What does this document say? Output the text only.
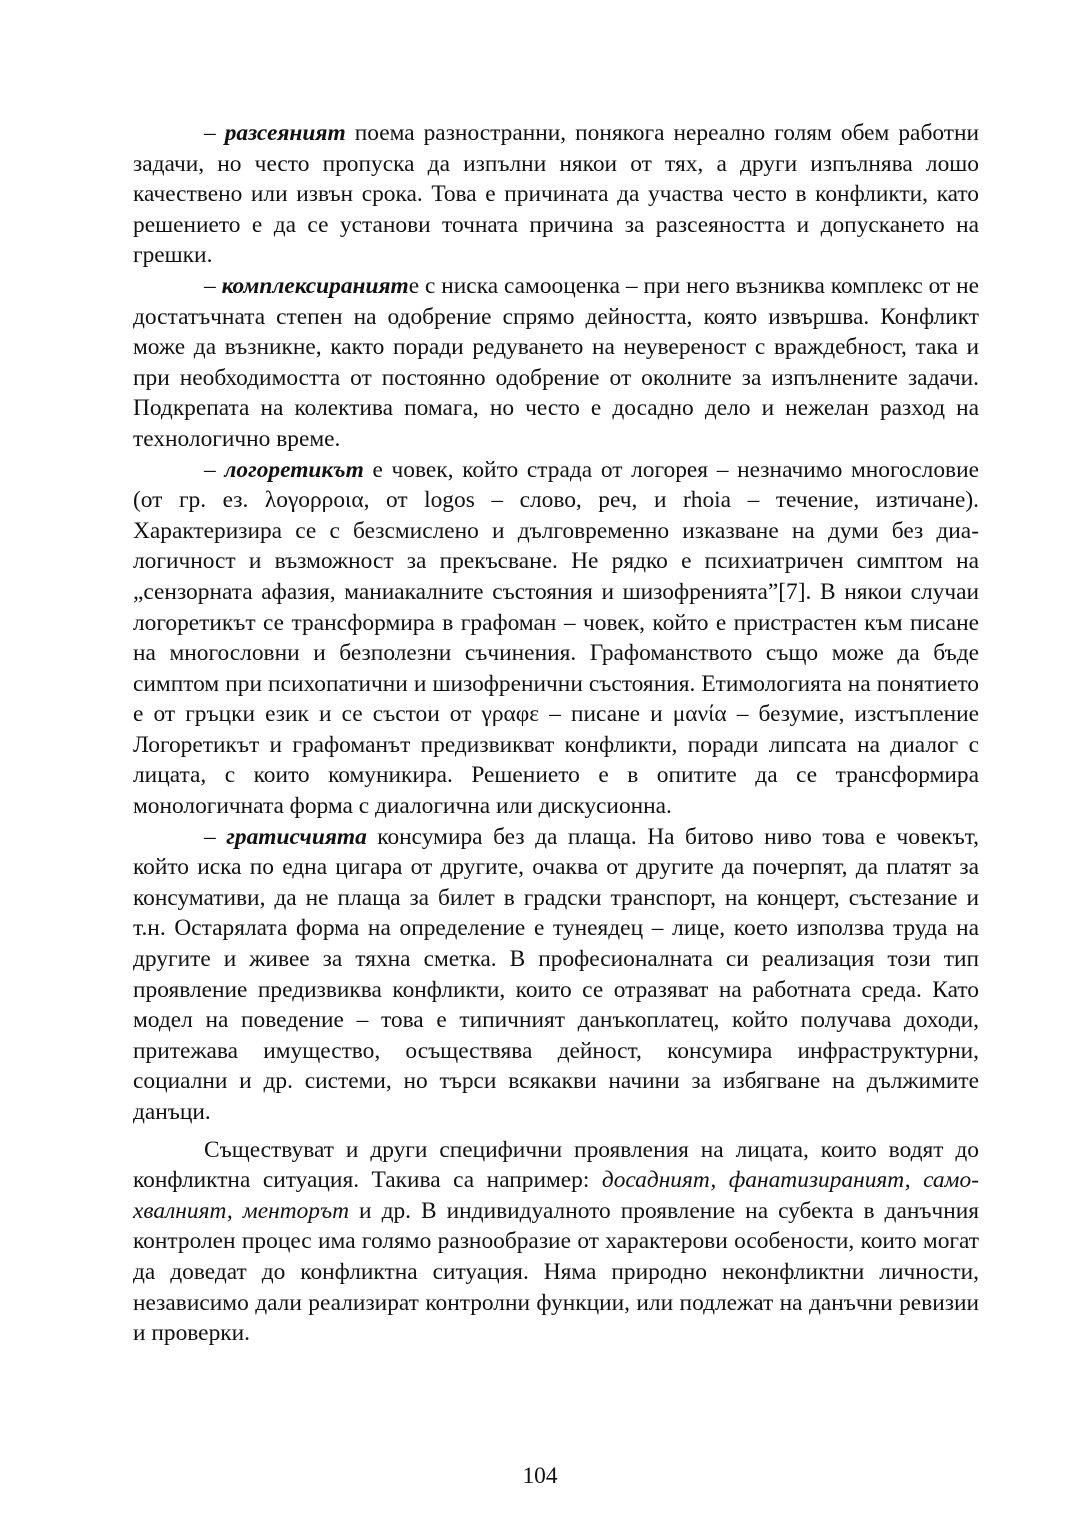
– разсеяният поема разностранни, понякога нереално голям обем работни задачи, но често пропуска да изпълни някои от тях, а други изпълнява лошо качествено или извън срока. Това е причината да участва често в конфликти, като решението е да се установи точната причина за разсеяността и допускането на грешки.

– комплексиранияте с ниска самооценка – при него възниква комплекс от не достатъчната степен на одобрение спрямо дейността, която извършва. Конфликт може да възникне, както поради редуването на неувереност с враждебност, така и при необходимостта от постоянно одобрение от околните за изпълнените задачи. Подкрепата на колектива помага, но често е досадно дело и нежелан разход на технологично време.

– логоретикът е човек, който страда от логорея – незначимо многословие (от гр. ез. λογορροια, от logos – слово, реч, и rhoia – течение, изтичане). Характеризира се с безсмислено и дълговременно изказване на думи без диалогичност и възможност за прекъсване. Не рядко е психиатричен симптом на „сензорната афазия, маниакалните състояния и шизофренията”[7]. В някои случаи логоретикът се трансформира в графоман – човек, който е пристрастен към писане на многословни и безполезни съчинения. Графоманството също може да бъде симптом при психопатични и шизофренични състояния. Етимологията на понятието е от гръцки език и се състои от γραφε – писане и μανία – безумие, изстъпление Логоретикът и графоманът предизвикват конфликти, поради липсата на диалог с лицата, с които комуникира. Решението е в опитите да се трансформира монологичната форма с диалогична или дискусионна.

– гратисчията консумира без да плаща. На битово ниво това е човекът, който иска по една цигара от другите, очаква от другите да почерпят, да платят за консумативи, да не плаща за билет в градски транспорт, на концерт, състезание и т.н. Остарялата форма на определение е тунеядец – лице, което използва труда на другите и живее за тяхна сметка. В професионалната си реализация този тип проявление предизвиква конфликти, които се отразяват на работната среда. Като модел на поведение – това е типичният данъкоплатец, който получава доходи, притежава имущество, осъществява дейност, консумира инфраструктурни, социални и др. системи, но търси всякакви начини за избягване на дължимите данъци.

Съществуват и други специфични проявления на лицата, които водят до конфликтна ситуация. Такива са например: досадният, фанатизираният, самохвалният, менторът и др. В индивидуалното проявление на субекта в данъчния контролен процес има голямо разнообразие от характерови особености, които могат да доведат до конфликтна ситуация. Няма природно неконфликтни личности, независимо дали реализират контролни функции, или подлежат на данъчни ревизии и проверки.

104
